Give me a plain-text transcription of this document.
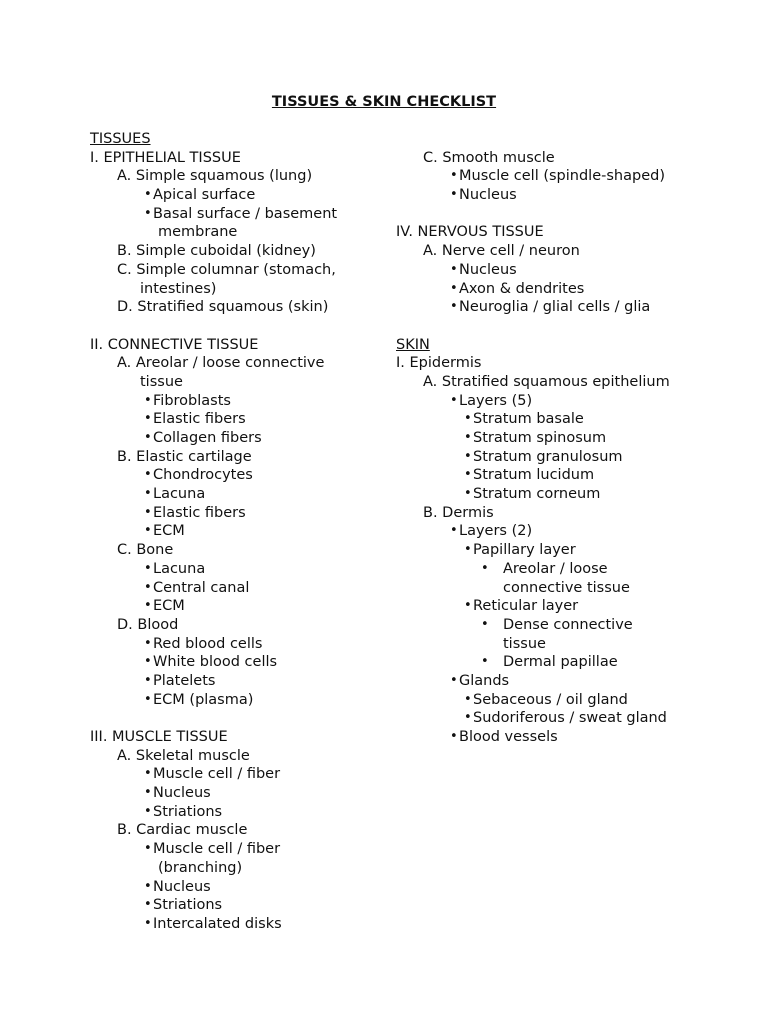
TISSUES & SKIN CHECKLIST
TISSUES
I. EPITHELIAL TISSUE
A. Simple squamous (lung)
• Apical surface
• Basal surface / basement
membrane
B. Simple cuboidal (kidney)
C. Simple columnar (stomach,
intestines)
D. Stratified squamous (skin)
II. CONNECTIVE TISSUE
A. Areolar / loose connective
tissue
• Fibroblasts
• Elastic fibers
• Collagen fibers
B. Elastic cartilage
• Chondrocytes
• Lacuna
• Elastic fibers
• ECM
C. Bone
• Lacuna
• Central canal
• ECM
D. Blood
• Red blood cells
• White blood cells
• Platelets
• ECM (plasma)
III. MUSCLE TISSUE
A. Skeletal muscle
• Muscle cell / fiber
• Nucleus
• Striations
B. Cardiac muscle
• Muscle cell / fiber
(branching)
• Nucleus
• Striations
• Intercalated disks
C. Smooth muscle
• Muscle cell (spindle-shaped)
• Nucleus
IV. NERVOUS TISSUE
A. Nerve cell / neuron
• Nucleus
• Axon & dendrites
• Neuroglia / glial cells / glia
SKIN
I. Epidermis
A. Stratified squamous epithelium
• Layers (5)
• Stratum basale
• Stratum spinosum
• Stratum granulosum
• Stratum lucidum
• Stratum corneum
B. Dermis
• Layers (2)
• Papillary layer
• Areolar / loose
connective tissue
• Reticular layer
• Dense connective
tissue
• Dermal papillae
• Glands
• Sebaceous / oil gland
• Sudoriferous / sweat gland
• Blood vessels
